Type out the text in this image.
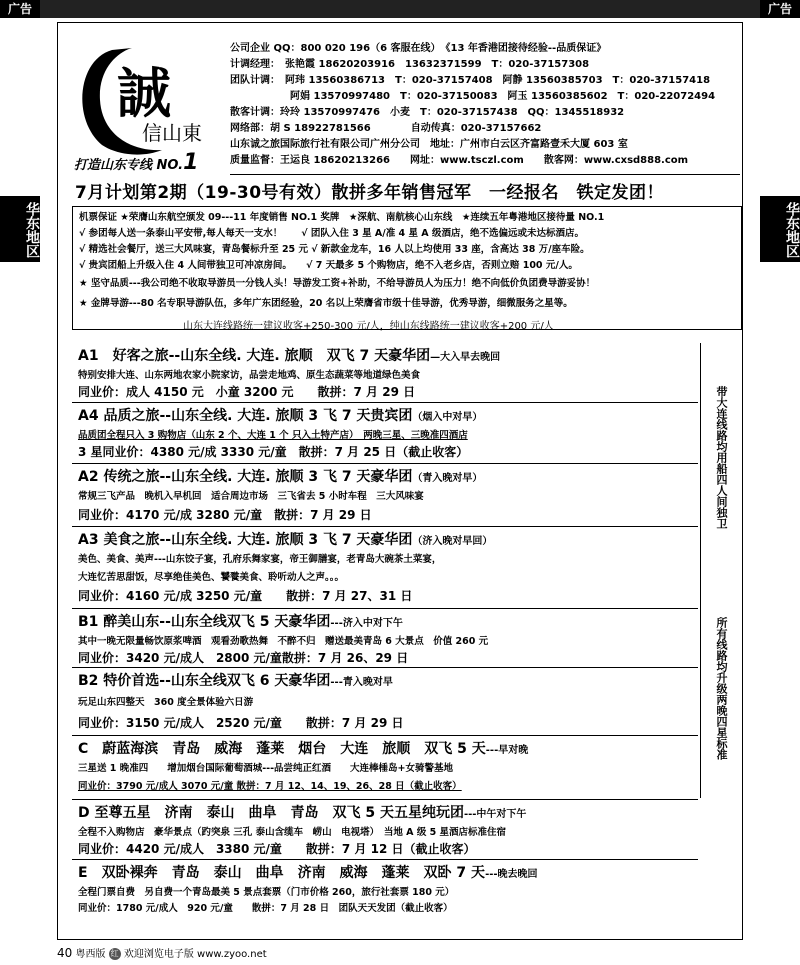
广告	广告
华东地区	华东地区
誠
信山東
打造山东专线 NO.1
公司企业 QQ：800 020 196（6 客服在线）　《13 年香港团接待经验--品质保证》
计调经理：　张艳霞 18620203916　13632371599　T：020-37157308
团队计调：　阿玮 13560386713　T：020-37157408　阿静 13560385703　T：020-37157418
　　　　　　阿娟 13570997480　T：020-37150083　阿玉 13560385602　T：020-22072494
散客计调：玲玲 13570997476　小麦　T：020-37157438　QQ：1345518932
网络部：胡 S 18922781566　　　　自动传真：020-37157662
山东诚之旅国际旅行社有限公司广州分公司　地址：广州市白云区齐富路壹禾大厦 603 室
质量监督：王运良 18620213266　　网址：www.tsczl.com　　散客网：www.cxsd888.com
7月计划第2期（19-30号有效）散拼多年销售冠军　一经报名　铁定发团！
机票保证 ★荣膺山东航空颁发 09---11 年度销售 NO.1 奖牌　★深航、南航核心山东线　★连续五年粤港地区接待量 NO.1
√ 参团每人送一条泰山平安带,每人每天一支水！　　√ 团队入住 3 星 A/准 4 星 A 级酒店，绝不选偏远或未达标酒店。
√ 精选社会餐厅，送三大风味宴，青岛餐标升至 25 元 √ 新款金龙车，16 人以上均使用 33 座，含高达 38 万/座车险。
√ 贵宾团船上升级入住 4 人间带独卫可冲凉房间。　　√ 7 天最多 5 个购物店，绝不入老乡店，否则立赔 100 元/人。
★ 坚守品质---我公司绝不收取导游员一分钱人头！导游发工资+补助，不给导游员人为压力！绝不向低价负团费导游妥协！
★ 金牌导游---80 名专职导游队伍，多年广东团经验，20 名以上荣膺省市级十佳导游，优秀导游，细微服务之星等。
山东大连线路统一建议收客+250-300 元/人，纯山东线路统一建议收客+200 元/人
A1　好客之旅--山东全线. 大连. 旅顺　双飞 7 天豪华团—大入早去晚回
特别安排大连、山东两地农家小院家访，品尝走地鸡、原生态蔬菜等地道绿色美食
同业价：成人 4150 元　小童 3200 元　　散拼：7 月 29 日
A4 品质之旅--山东全线. 大连. 旅顺 3 飞 7 天贵宾团（烟入中对早）
品质团全程只入 3 购物店（山东 2 个、大连 1 个 只入土特产店）　两晚三星、三晚准四酒店
3 星同业价：4380 元/成 3330 元/童　散拼：7 月 25 日（截止收客）
A2 传统之旅--山东全线. 大连. 旅顺 3 飞 7 天豪华团（青入晚对早）
常规三飞产品　晚机入早机回　适合周边市场　三飞省去 5 小时车程　三大风味宴
同业价：4170 元/成 3280 元/童　散拼：7 月 29 日
A3 美食之旅--山东全线. 大连. 旅顺 3 飞 7 天豪华团（济入晚对早回）
美色、美食、美声---山东饺子宴，孔府乐舞家宴，帝王御膳宴，老青岛大碗茶土菜宴，
大连忆苦思甜饭，尽享绝佳美色、饕餮美食、聆听动人之声。。。
同业价：4160 元/成 3250 元/童　　散拼：7 月 27、31 日
B1 醉美山东--山东全线双飞 5 天豪华团---济入中对下午
其中一晚无限量畅饮原浆啤酒　观看劲歌热舞　不醉不归　赠送最美青岛 6 大景点　价值 260 元
同业价：3420 元/成人　2800 元/童散拼：7 月 26、29 日
B2 特价首选--山东全线双飞 6 天豪华团---青入晚对早
玩足山东四整天　360 度全景体验六日游
同业价：3150 元/成人　2520 元/童　　散拼：7 月 29 日
C　蔚蓝海滨　青岛　威海　蓬莱　烟台　大连　旅顺　双飞 5 天---早对晚
三星送 1 晚准四　　增加烟台国际葡萄酒城---品尝纯正红酒　　大连棒棰岛+女骑警基地
同业价：3790 元/成人 3070 元/童 散拼：7 月 12、14、19、26、28 日（截止收客）
D 至尊五星　济南　泰山　曲阜　青岛　双飞 5 天五星纯玩团---中午对下午
全程不入购物店　豪华景点（趵突泉 三孔 泰山含缆车　崂山　电视塔）　当地 A 级 5 星酒店标准住宿
同业价：4420 元/成人　3380 元/童　　散拼：7 月 12 日（截止收客）
E　双卧裸奔　青岛　泰山　曲阜　济南　威海　蓬莱　双卧 7 天---晚去晚回
全程门票自费　另自费一个青岛最美 5 景点套票（门市价格 260，旅行社套票 180 元）
同业价：1780 元/成人　920 元/童　　散拼：7 月 28 日　团队天天发团（截止收客）
带大连线路均用船四人间独卫
所有线路均升级两晚四星标准
40 粤西版 红 欢迎浏览电子版 www.zyoo.net
